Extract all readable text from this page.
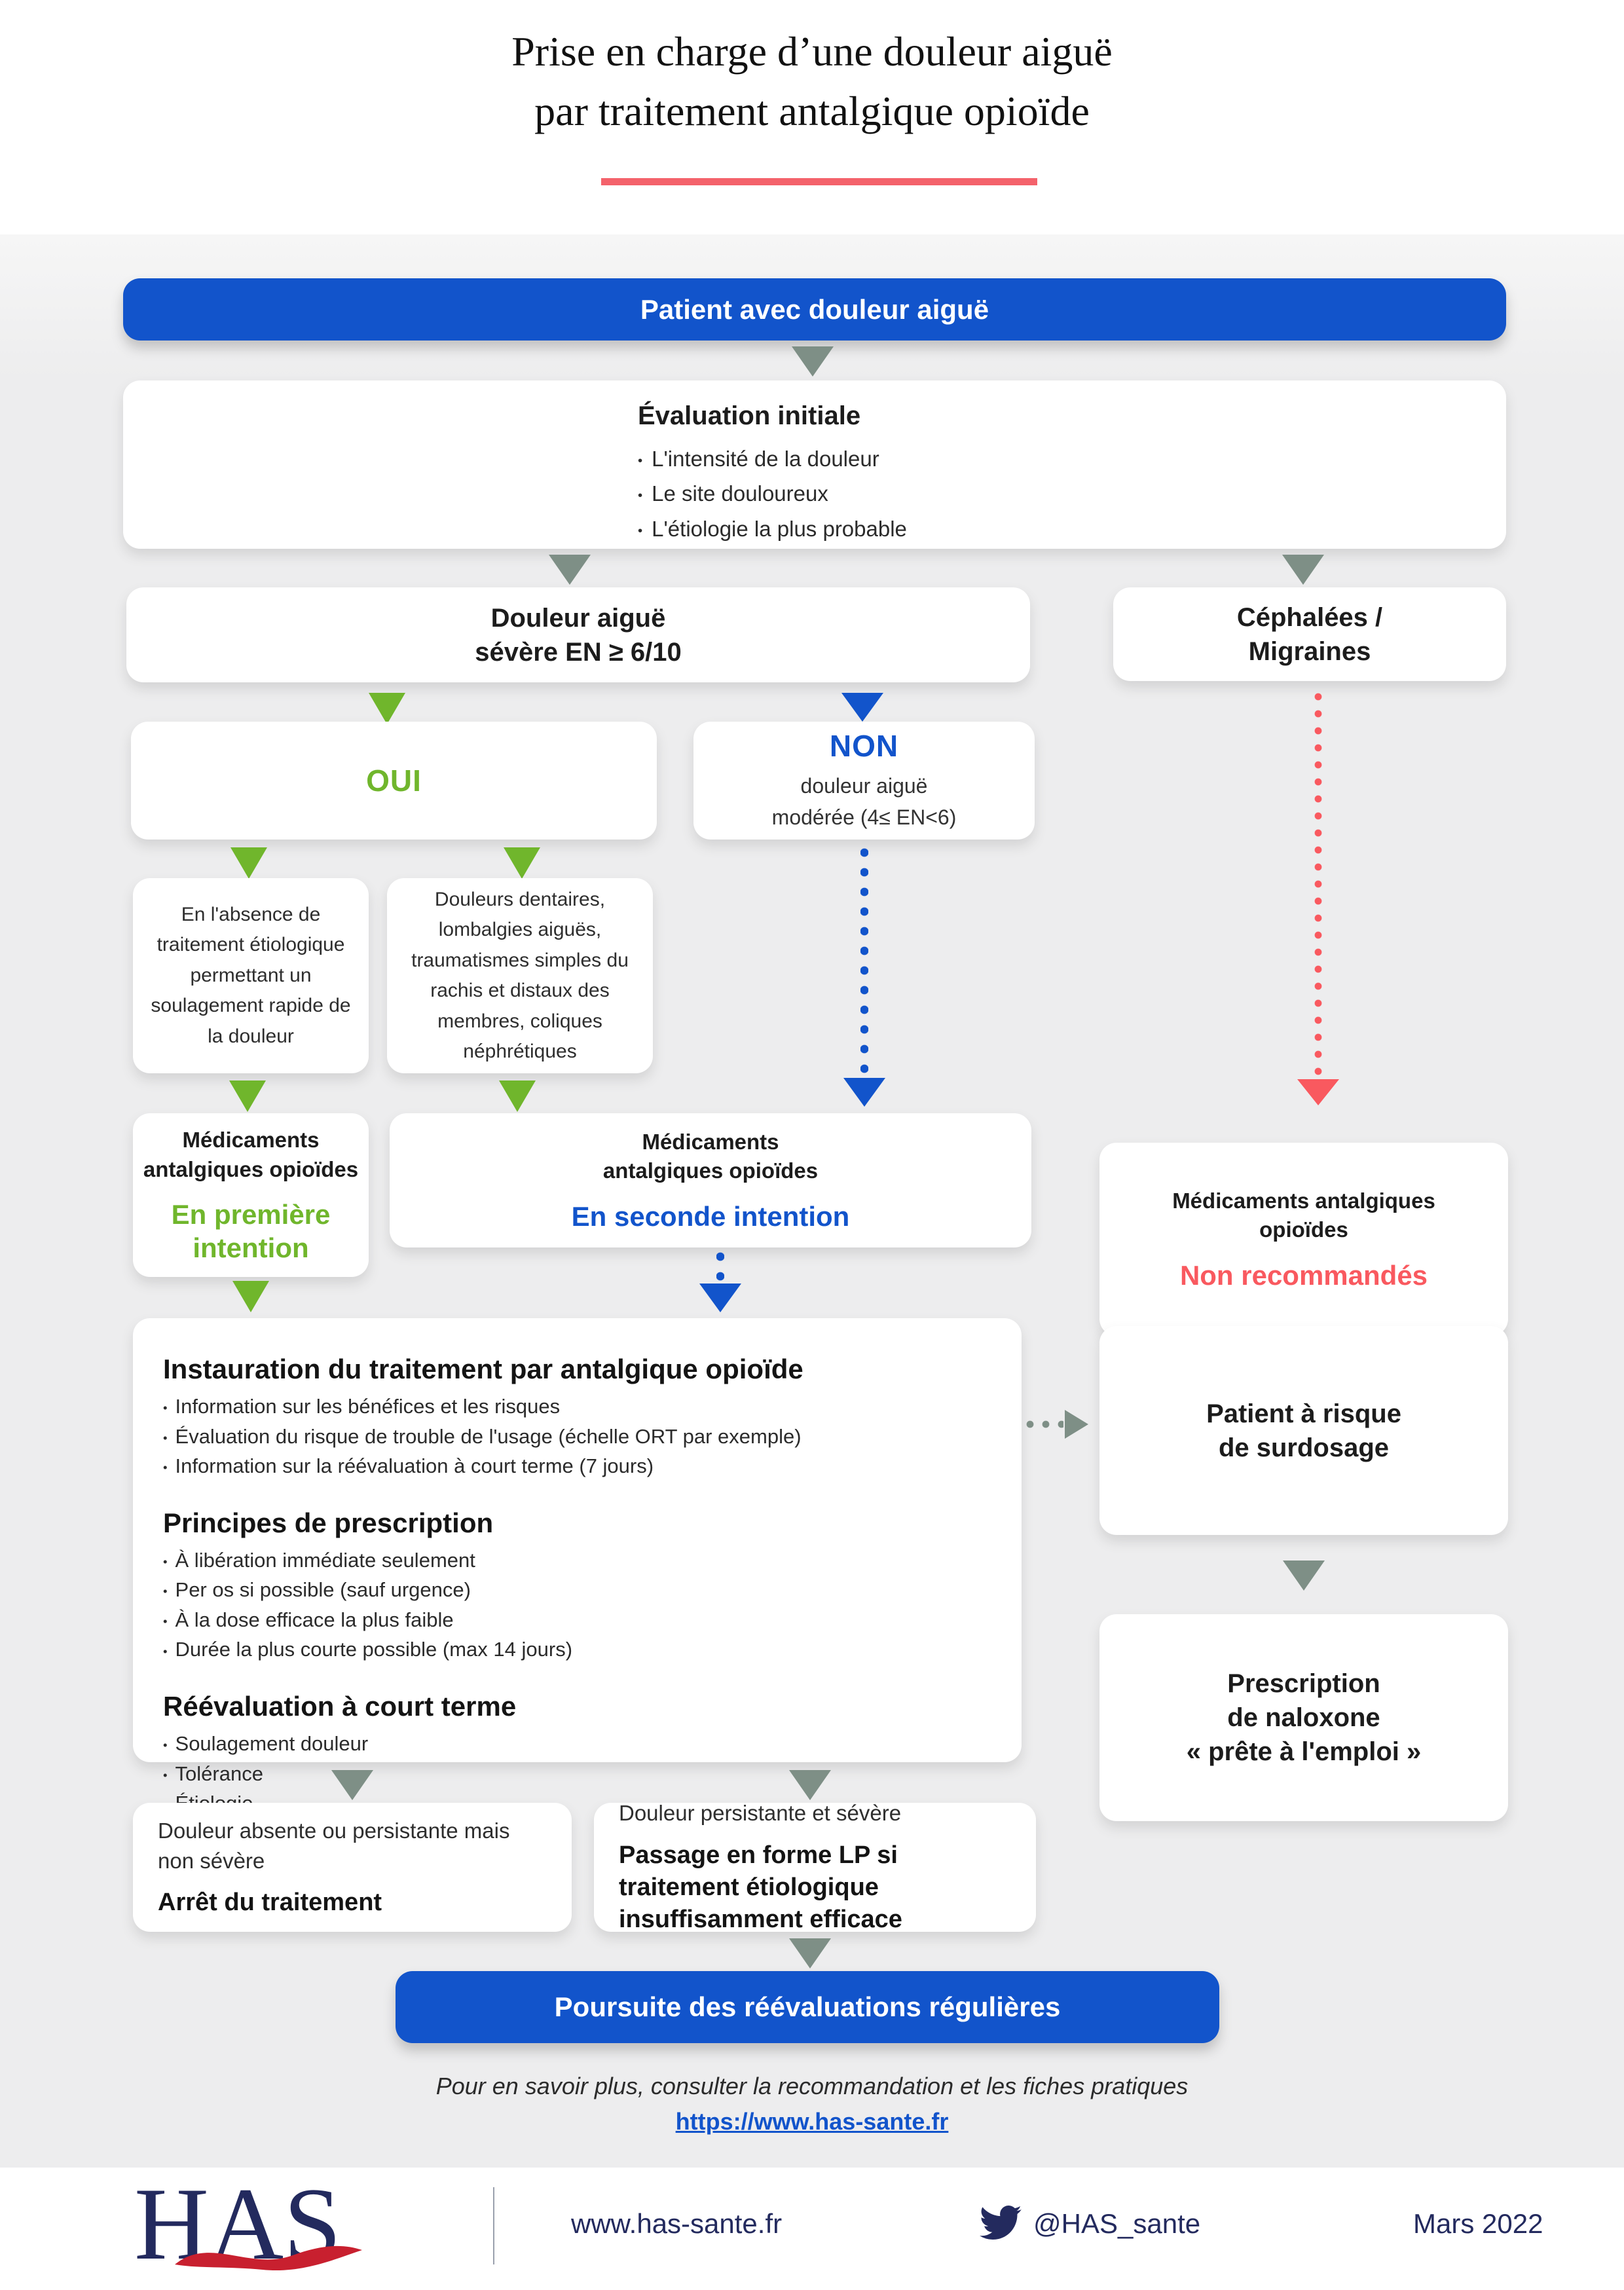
Prise en charge d’une douleur aiguë
par traitement antalgique opioïde
Patient avec douleur aiguë
Évaluation initiale
• L'intensité de la douleur
• Le site douloureux
• L'étiologie la plus probable
Douleur aiguë
sévère EN ≥ 6/10
Céphalées /
Migraines
OUI
NON
douleur aiguë
modérée (4≤ EN<6)
En l'absence de traitement étiologique permettant un soulagement rapide de la douleur
Douleurs dentaires, lombalgies aiguës, traumatismes simples du rachis et distaux des membres, coliques néphrétiques
Médicaments
antalgiques opioïdes
En première intention
Médicaments
antalgiques opioïdes
En seconde intention
Médicaments antalgiques
opioïdes
Non recommandés
Instauration du traitement par antalgique opioïde
• Information sur les bénéfices et les risques
• Évaluation du risque de trouble de l'usage (échelle ORT par exemple)
• Information sur la réévaluation à court terme (7 jours)
Principes de prescription
• À libération immédiate seulement
• Per os si possible (sauf urgence)
• À la dose efficace la plus faible
• Durée la plus courte possible (max 14 jours)
Réévaluation à court terme
• Soulagement douleur
• Tolérance
•
Patient à risque
de surdosage
Prescription
de naloxone
« prête à l'emploi »
Douleur absente ou persistante mais non sévère
Arrêt du traitement
Douleur persistante et sévère
Passage en forme LP si traitement étiologique insuffisamment efficace
Poursuite des réévaluations régulières
Pour en savoir plus, consulter la recommandation et les fiches pratiques
https://www.has-sante.fr
HAS	www.has-sante.fr	@HAS_sante	Mars 2022
